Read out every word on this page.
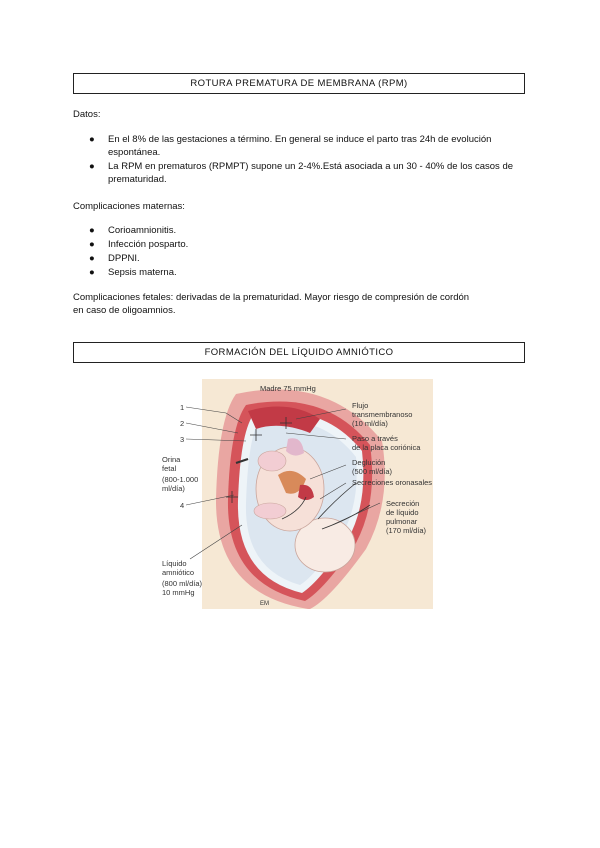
ROTURA PREMATURA DE MEMBRANA (RPM)
Datos:
● En el 8% de las gestaciones a término. En general se induce el parto tras 24h de evolución espontánea.
● La RPM en prematuros (RPMPT) supone un 2-4%.Está asociada a un 30 - 40% de los casos de prematuridad.
Complicaciones maternas:
● Corioamnionitis.
● Infección posparto.
● DPPNI.
● Sepsis materna.
Complicaciones fetales: derivadas de la prematuridad. Mayor riesgo de compresión de cordón en caso de oligoamnios.
FORMACIÓN DEL LÍQUIDO AMNIÓTICO
Madre 75 mmHg
1
2
3
4
Orina fetal (800-1.000 ml/día)
Líquido amniótico (800 ml/día) 10 mmHg
Flujo transmembranoso (10 ml/día)
Paso a través de la placa coriónica
Deglución (500 ml/día)
Secreciones oronasales
Secreción de líquido pulmonar (170 ml/día)
EM
